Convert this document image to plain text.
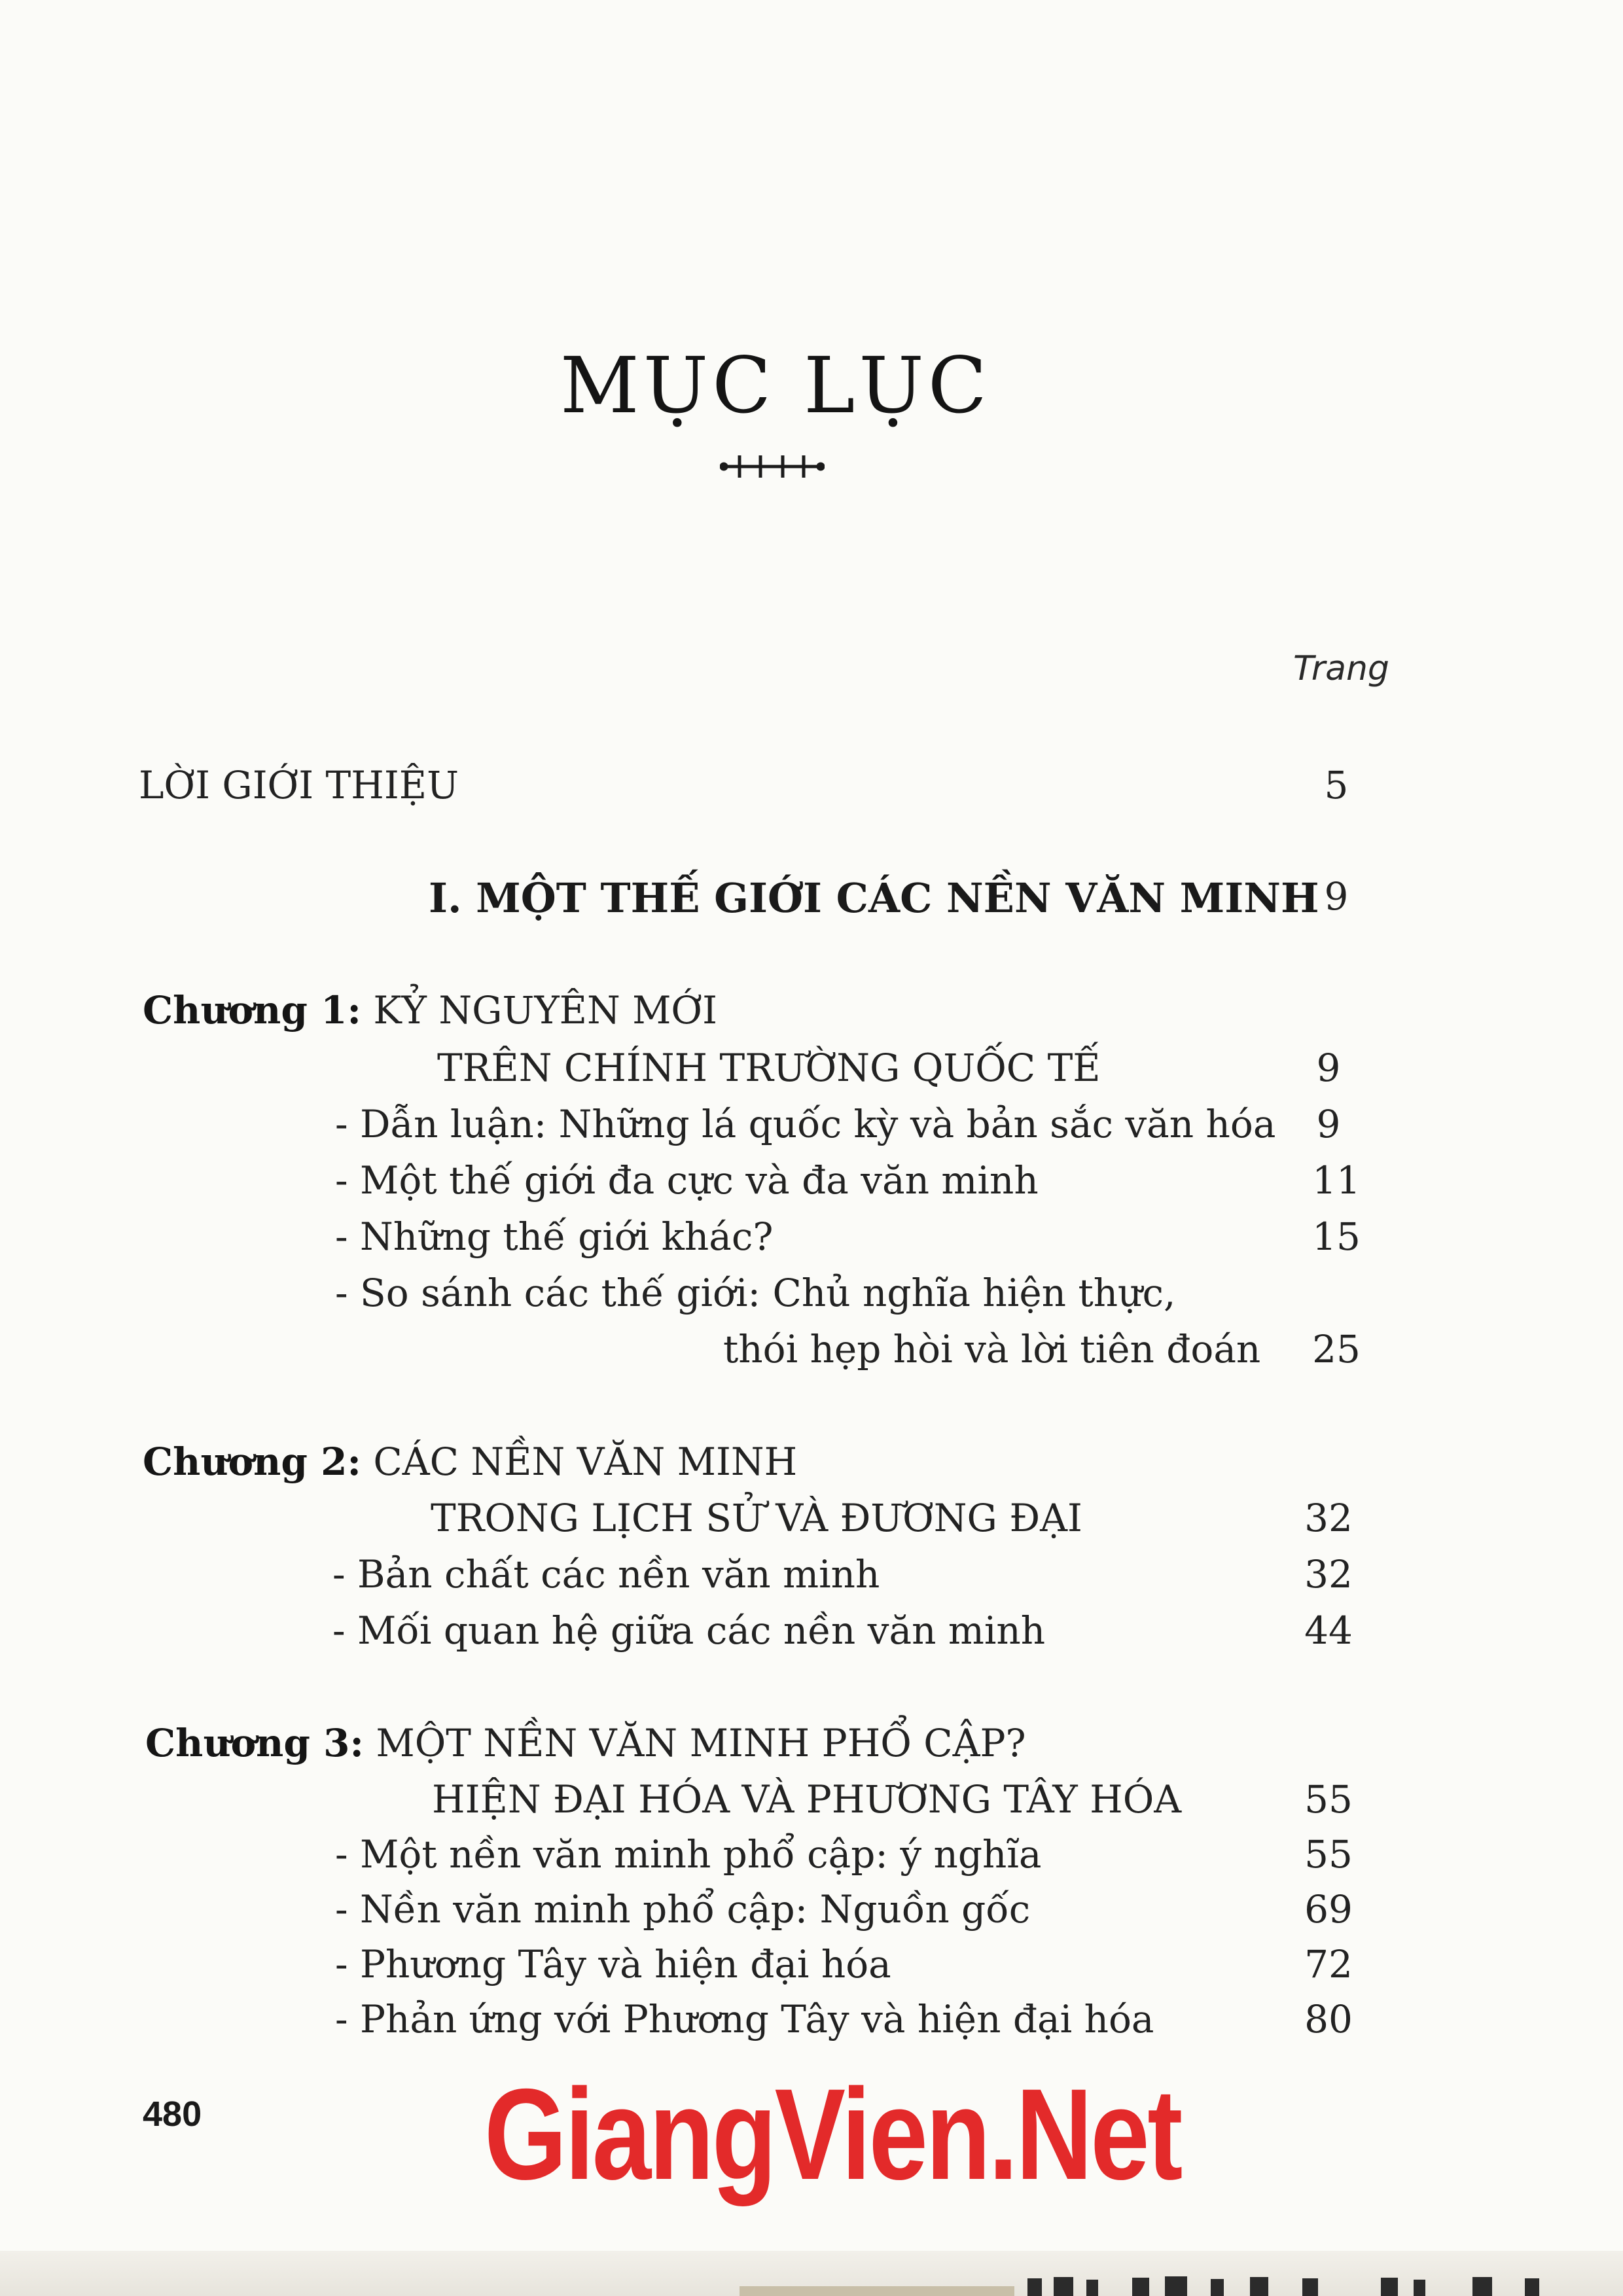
MỤC LỤC
Trang
LỜI GIỚI THIỆU	5
I. MỘT THẾ GIỚI CÁC NỀN VĂN MINH 9
Chương 1: KỶ NGUYÊN MỚI
TRÊN CHÍNH TRƯỜNG QUỐC TẾ	9
- Dẫn luận: Những lá quốc kỳ và bản sắc văn hóa	9
- Một thế giới đa cực và đa văn minh	11
- Những thế giới khác?	15
- So sánh các thế giới: Chủ nghĩa hiện thực,
thói hẹp hòi và lời tiên đoán	25
Chương 2: CÁC NỀN VĂN MINH
TRONG LỊCH SỬ VÀ ĐƯƠNG ĐẠI	32
- Bản chất các nền văn minh	32
- Mối quan hệ giữa các nền văn minh	44
Chương 3: MỘT NỀN VĂN MINH PHỔ CẬP?
HIỆN ĐẠI HÓA VÀ PHƯƠNG TÂY HÓA	55
- Một nền văn minh phổ cập: ý nghĩa	55
- Nền văn minh phổ cập: Nguồn gốc	69
- Phương Tây và hiện đại hóa	72
- Phản ứng với Phương Tây và hiện đại hóa	80
480 GiangVien.Net
